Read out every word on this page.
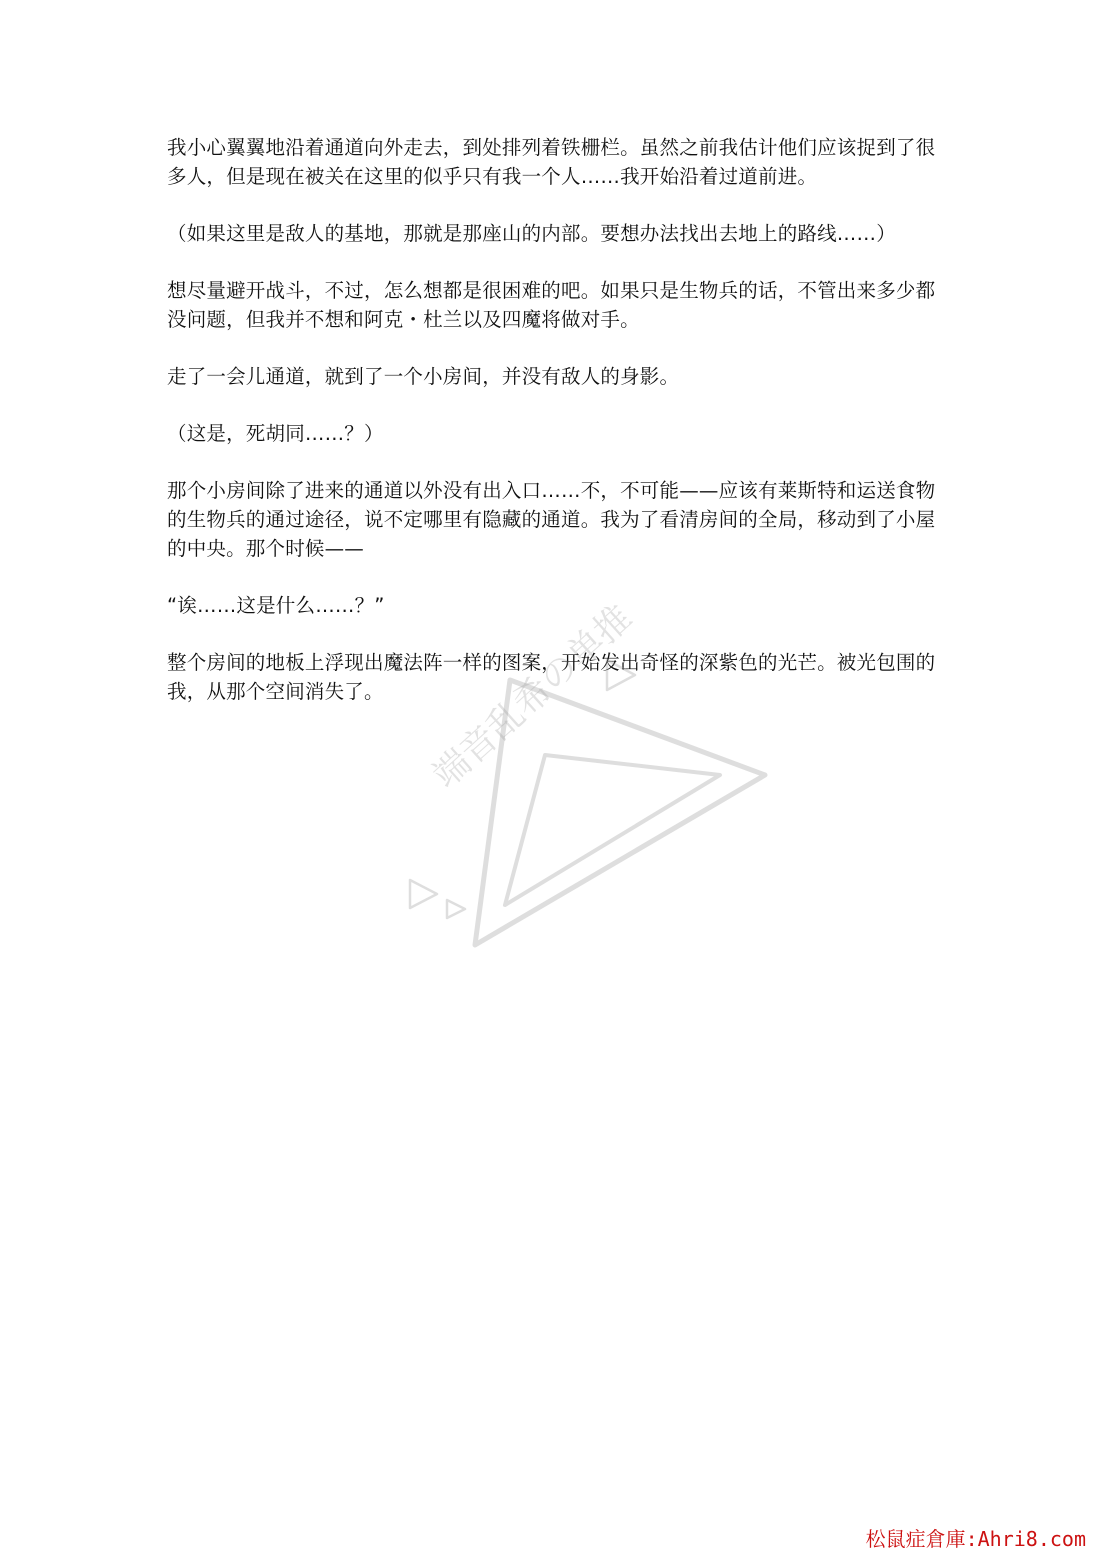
我小心翼翼地沿着通道向外走去，到处排列着铁栅栏。虽然之前我估计他们应该捉到了很多人，但是现在被关在这里的似乎只有我一个人……我开始沿着过道前进。

（如果这里是敌人的基地，那就是那座山的内部。要想办法找出去地上的路线……）

想尽量避开战斗，不过，怎么想都是很困难的吧。如果只是生物兵的话，不管出来多少都没问题，但我并不想和阿克・杜兰以及四魔将做对手。

走了一会儿通道，就到了一个小房间，并没有敌人的身影。

（这是，死胡同……？）

那个小房间除了进来的通道以外没有出入口……不，不可能——应该有莱斯特和运送食物的生物兵的通过途径，说不定哪里有隐藏的通道。我为了看清房间的全局，移动到了小屋的中央。那个时候——

“诶……这是什么……？”

整个房间的地板上浮现出魔法阵一样的图案，开始发出奇怪的深紫色的光芒。被光包围的我，从那个空间消失了。	端音乱希の单推
松鼠症倉庫:Ahri8.com
